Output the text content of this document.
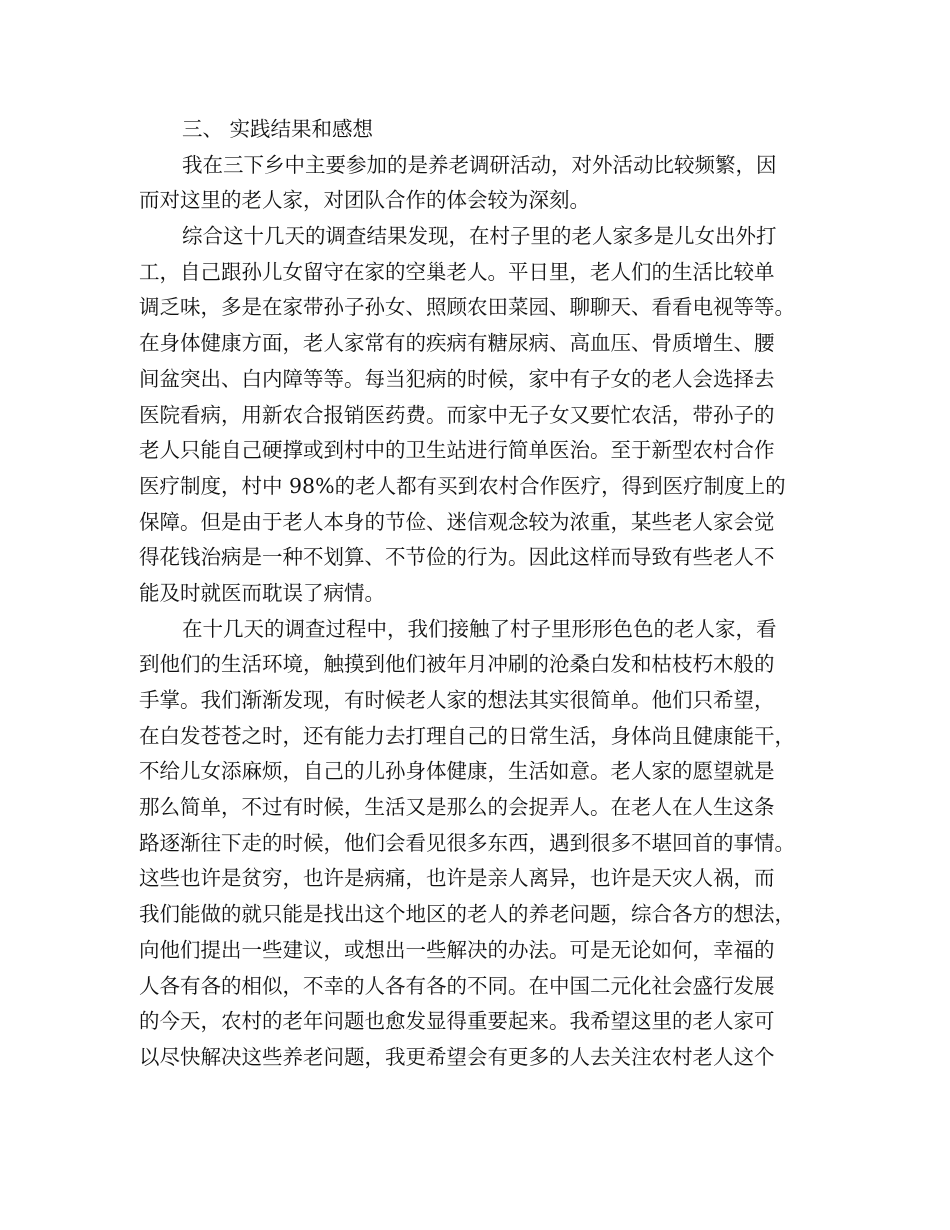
三、 实践结果和感想
我在三下乡中主要参加的是养老调研活动，对外活动比较频繁，因
而对这里的老人家，对团队合作的体会较为深刻。
综合这十几天的调查结果发现，在村子里的老人家多是儿女出外打
工，自己跟孙儿女留守在家的空巢老人。平日里，老人们的生活比较单
调乏味，多是在家带孙子孙女、照顾农田菜园、聊聊天、看看电视等等。
在身体健康方面，老人家常有的疾病有糖尿病、高血压、骨质增生、腰
间盆突出、白内障等等。每当犯病的时候，家中有子女的老人会选择去
医院看病，用新农合报销医药费。而家中无子女又要忙农活，带孙子的
老人只能自己硬撑或到村中的卫生站进行简单医治。至于新型农村合作
医疗制度，村中 98%的老人都有买到农村合作医疗，得到医疗制度上的
保障。但是由于老人本身的节俭、迷信观念较为浓重，某些老人家会觉
得花钱治病是一种不划算、不节俭的行为。因此这样而导致有些老人不
能及时就医而耽误了病情。
在十几天的调查过程中，我们接触了村子里形形色色的老人家，看
到他们的生活环境，触摸到他们被年月冲刷的沧桑白发和枯枝朽木般的
手掌。我们渐渐发现，有时候老人家的想法其实很简单。他们只希望，
在白发苍苍之时，还有能力去打理自己的日常生活，身体尚且健康能干，
不给儿女添麻烦，自己的儿孙身体健康，生活如意。老人家的愿望就是
那么简单，不过有时候，生活又是那么的会捉弄人。在老人在人生这条
路逐渐往下走的时候，他们会看见很多东西，遇到很多不堪回首的事情。
这些也许是贫穷，也许是病痛，也许是亲人离异，也许是天灾人祸，而
我们能做的就只能是找出这个地区的老人的养老问题，综合各方的想法，
向他们提出一些建议，或想出一些解决的办法。可是无论如何，幸福的
人各有各的相似，不幸的人各有各的不同。在中国二元化社会盛行发展
的今天，农村的老年问题也愈发显得重要起来。我希望这里的老人家可
以尽快解决这些养老问题，我更希望会有更多的人去关注农村老人这个
